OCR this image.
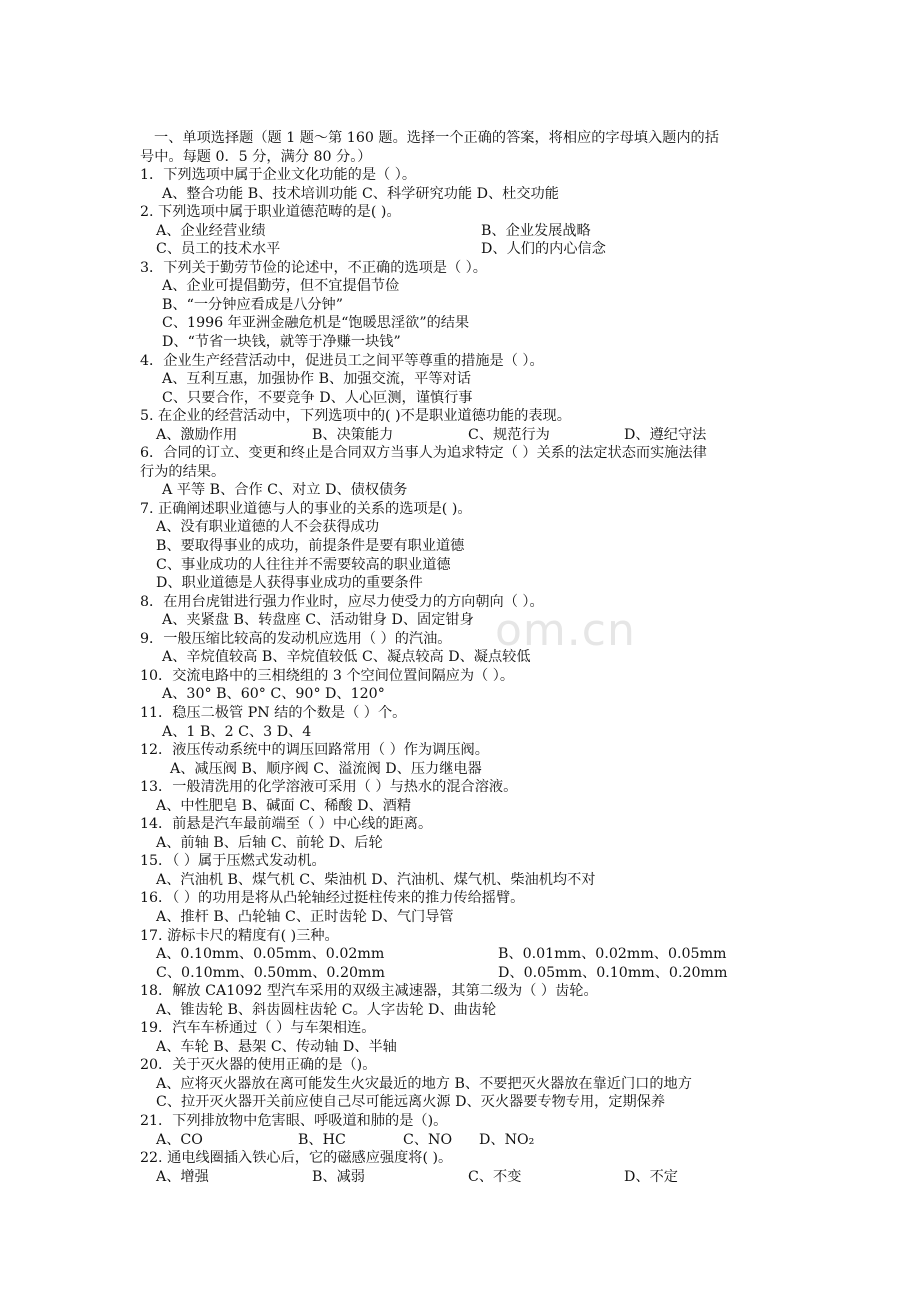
om.cn
一、单项选择题（题 1 题～第 160 题。选择一个正确的答案，将相应的字母填入题内的括
号中。每题 0．5 分，满分 80 分。）
1．下列选项中属于企业文化功能的是（ ）。
A、整合功能 B、技术培训功能 C、科学研究功能 D、杜交功能
2. 下列选项中属于职业道德范畴的是( )。
A、企业经营业绩	B、企业发展战略
C、员工的技术水平	D、人们的内心信念
3．下列关于勤劳节俭的论述中，不正确的选项是（ ）。
A、企业可提倡勤劳，但不宜提倡节俭
B、“一分钟应看成是八分钟”
C、1996 年亚洲金融危机是“饱暖思淫欲”的结果
D、“节省一块钱，就等于净赚一块钱”
4．企业生产经营活动中，促进员工之间平等尊重的措施是（ ）。
A、互利互惠，加强协作 B、加强交流，平等对话
C、只要合作，不要竞争 D、人心叵测，谨慎行事
5. 在企业的经营活动中，下列选项中的( )不是职业道德功能的表现。
A、激励作用	B、决策能力	C、规范行为	D、遵纪守法
6．合同的订立、变更和终止是合同双方当事人为追求特定（ ）关系的法定状态而实施法律
行为的结果。
A 平等 B、合作 C、对立 D、债权债务
7. 正确阐述职业道德与人的事业的关系的选项是( )。
A、没有职业道德的人不会获得成功
B、要取得事业的成功，前提条件是要有职业道德
C、事业成功的人往往并不需要较高的职业道德
D、职业道德是人获得事业成功的重要条件
8．在用台虎钳进行强力作业时，应尽力使受力的方向朝向（ ）。
A、夹紧盘 B、转盘座 C、活动钳身 D、固定钳身
9．一般压缩比较高的发动机应选用（ ）的汽油。
A、辛烷值较高 B、辛烷值较低 C、凝点较高 D、凝点较低
10．交流电路中的三相绕组的 3 个空间位置间隔应为（ ）。
A、30° B、60° C、90° D、120°
11．稳压二极管 PN 结的个数是（ ）个。
A、1 B、2 C、3 D、4
12．液压传动系统中的调压回路常用（ ）作为调压阀。
A、减压阀 B、顺序阀 C、溢流阀 D、压力继电器
13．一般清洗用的化学溶液可采用（ ）与热水的混合溶液。
A、中性肥皂 B、碱面 C、稀酸 D、酒精
14．前悬是汽车最前端至（ ）中心线的距离。
A、前轴 B、后轴 C、前轮 D、后轮
15．（ ）属于压燃式发动机。
A、汽油机 B、煤气机 C、柴油机 D、汽油机、煤气机、柴油机均不对
16．（ ）的功用是将从凸轮轴经过挺柱传来的推力传给摇臂。
A、推杆 B、凸轮轴 C、正时齿轮 D、气门导管
17. 游标卡尺的精度有( )三种。
A、0.10mm、0.05mm、0.02mm	B、0.01mm、0.02mm、0.05mm
C、0.10mm、0.50mm、0.20mm	D、0.05mm、0.10mm、0.20mm
18．解放 CA1092 型汽车采用的双级主减速器，其第二级为（ ）齿轮。
A、锥齿轮 B、斜齿圆柱齿轮 C。人字齿轮 D、曲齿轮
19．汽车车桥通过（ ）与车架相连。
A、车轮 B、悬架 C、传动轴 D、半轴
20．关于灭火器的使用正确的是（)。
A、应将灭火器放在离可能发生火灾最近的地方 B、不要把灭火器放在靠近门口的地方
C、拉开灭火器开关前应使自己尽可能远离火源 D、灭火器要专物专用，定期保养
21．下列排放物中危害眼、呼吸道和肺的是（)。
A、CO	B、HC	C、NO	D、NO₂
22. 通电线圈插入铁心后，它的磁感应强度将( )。
A、增强	B、减弱	C、不变	D、不定
